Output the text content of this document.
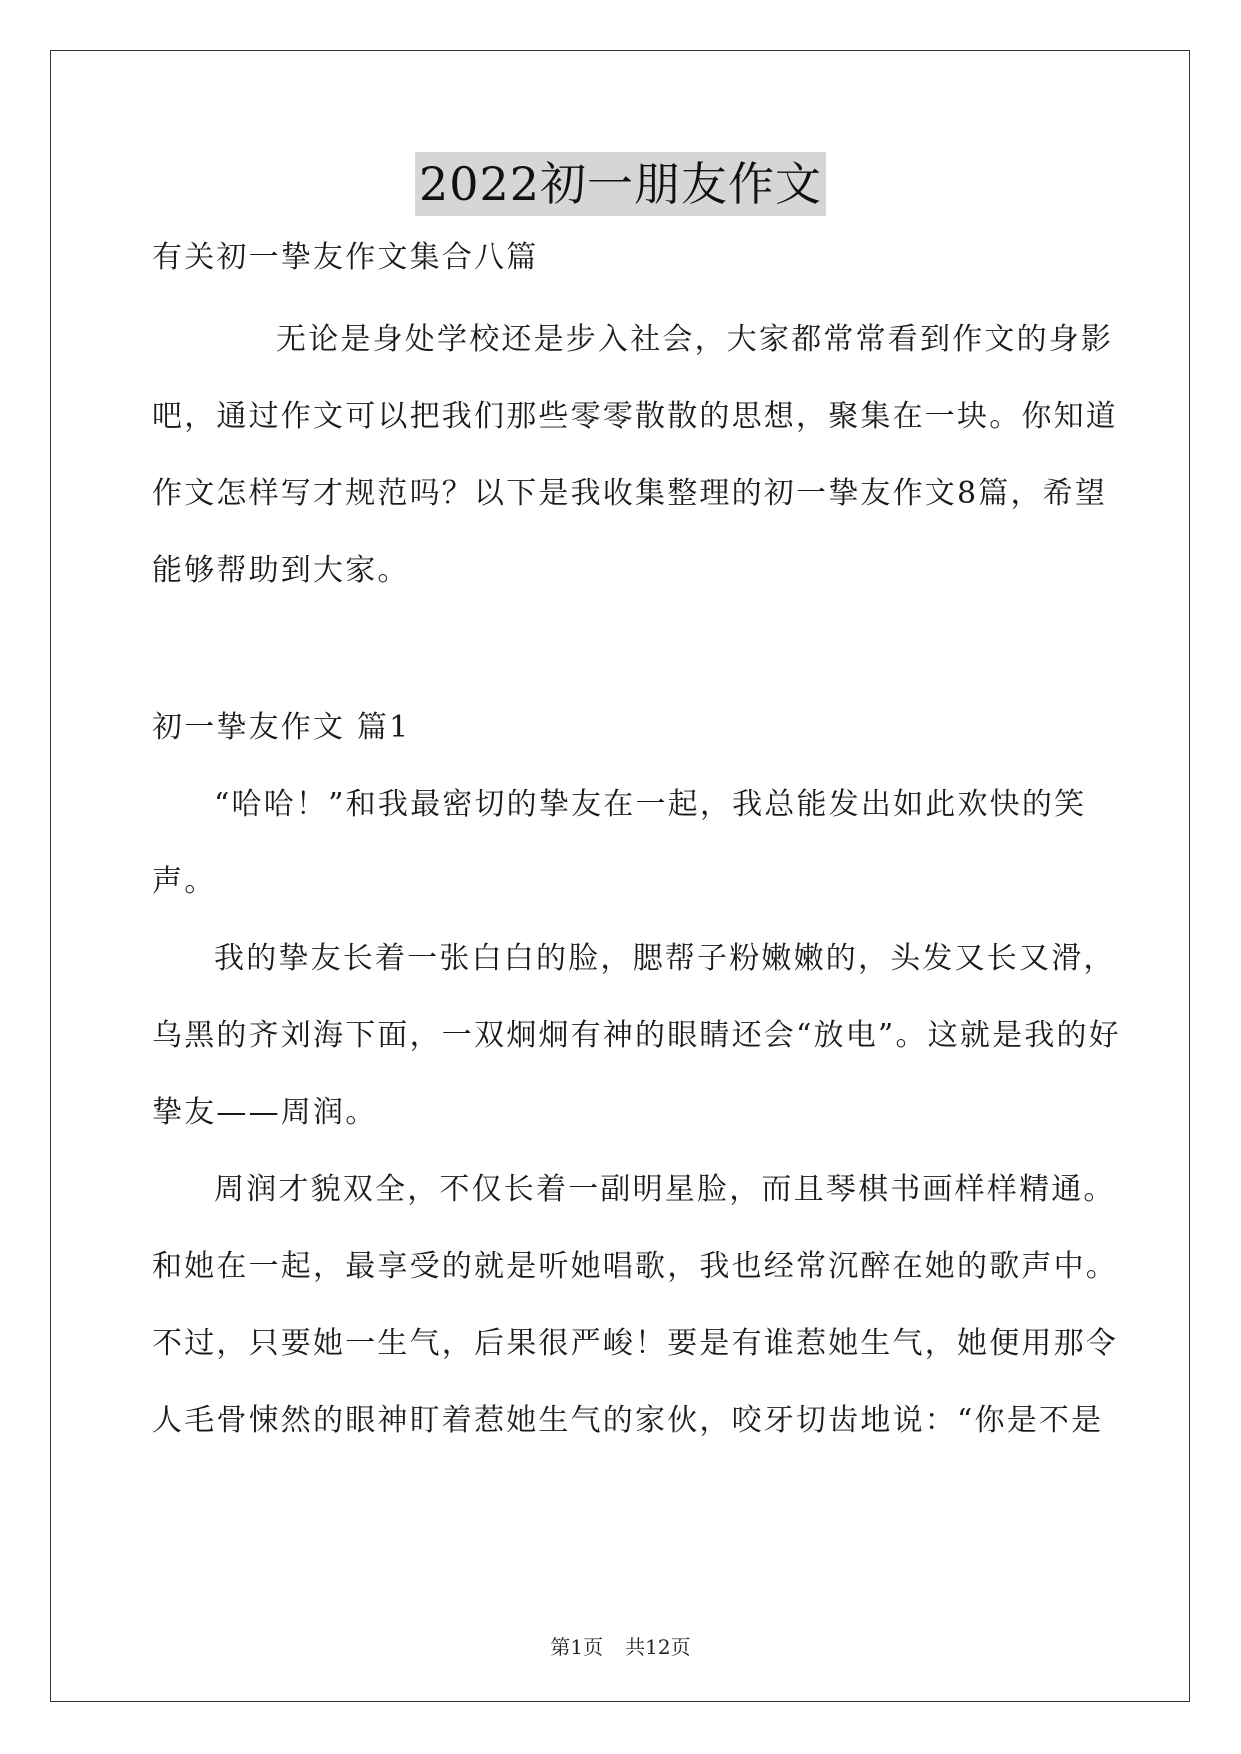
2022初一朋友作文
有关初一挚友作文集合八篇
无论是身处学校还是步入社会，大家都常常看到作文的身影
吧，通过作文可以把我们那些零零散散的思想，聚集在一块。你知道
作文怎样写才规范吗？以下是我收集整理的初一挚友作文8篇，希望
能够帮助到大家。
初一挚友作文 篇1
“哈哈！”和我最密切的挚友在一起，我总能发出如此欢快的笑
声。
我的挚友长着一张白白的脸，腮帮子粉嫩嫩的，头发又长又滑，
乌黑的齐刘海下面，一双炯炯有神的眼睛还会“放电”。这就是我的好
挚友——周润。
周润才貌双全，不仅长着一副明星脸，而且琴棋书画样样精通。
和她在一起，最享受的就是听她唱歌，我也经常沉醉在她的歌声中。
不过，只要她一生气，后果很严峻！要是有谁惹她生气，她便用那令
人毛骨悚然的眼神盯着惹她生气的家伙，咬牙切齿地说：“你是不是
第1页 共12页
